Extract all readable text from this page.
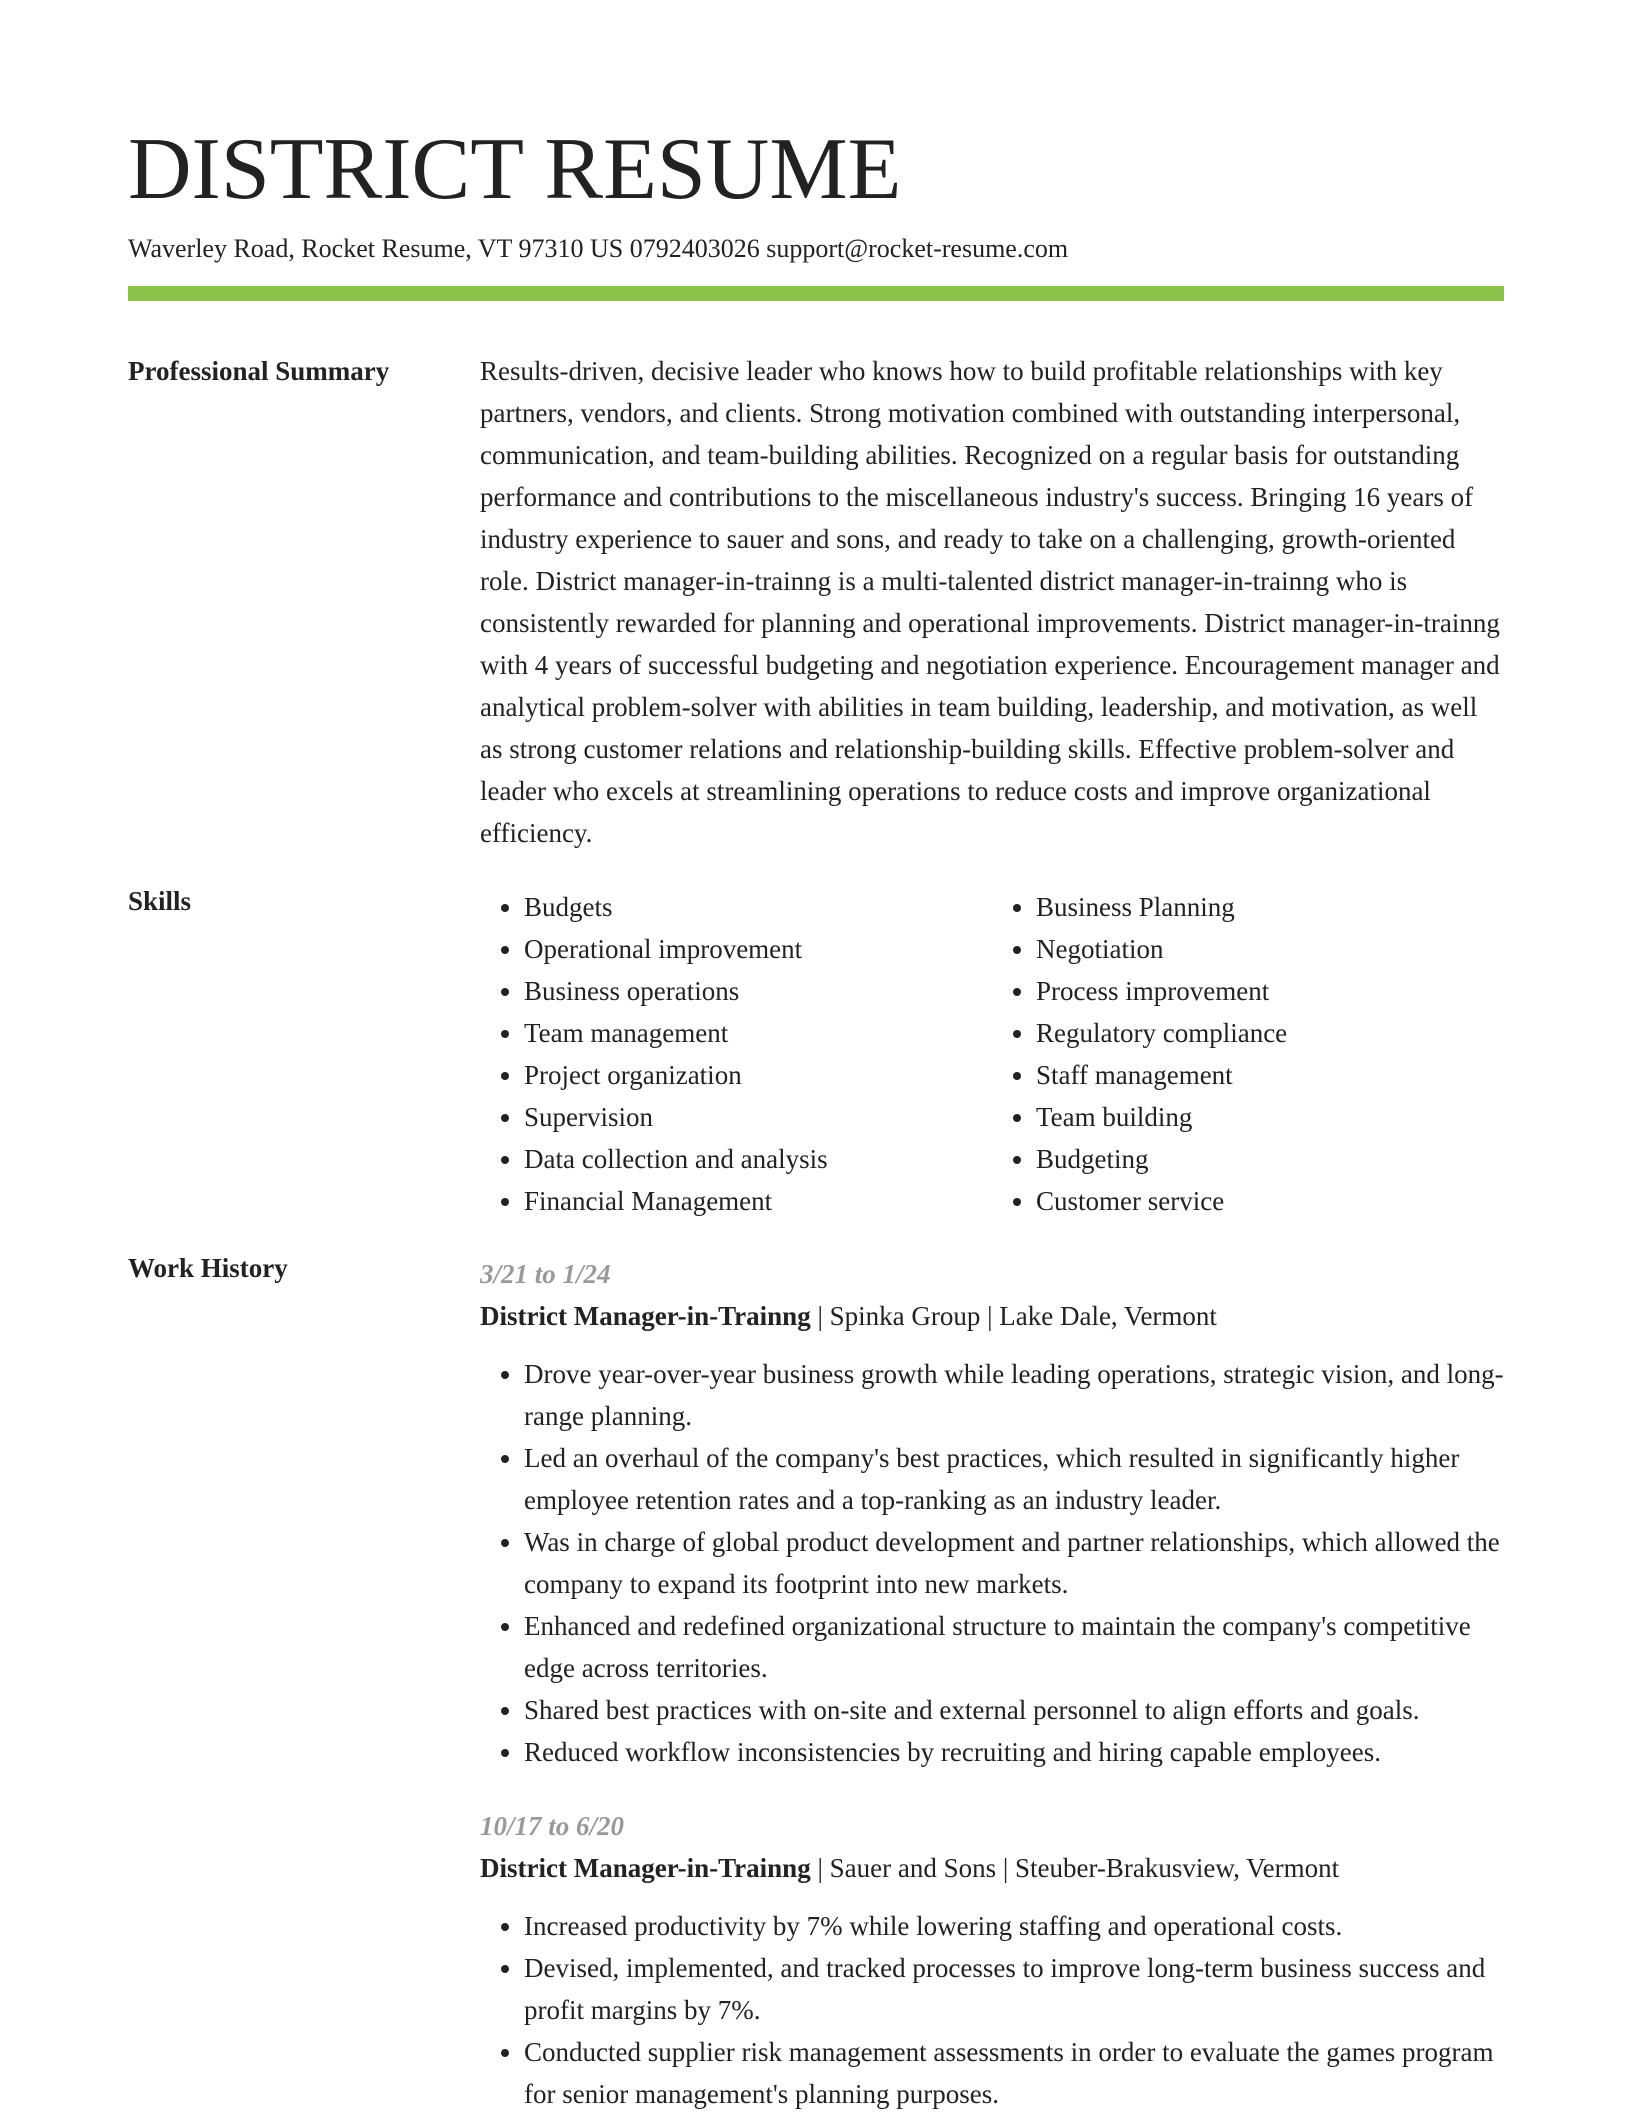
DISTRICT RESUME

Waverley Road, Rocket Resume, VT 97310 US 0792403026 support@rocket-resume.com

Professional Summary	Results-driven, decisive leader who knows how to build profitable relationships with key partners, vendors, and clients. Strong motivation combined with outstanding interpersonal, communication, and team-building abilities. Recognized on a regular basis for outstanding performance and contributions to the miscellaneous industry's success. Bringing 16 years of industry experience to sauer and sons, and ready to take on a challenging, growth-oriented role. District manager-in-trainng is a multi-talented district manager-in-trainng who is consistently rewarded for planning and operational improvements. District manager-in-trainng with 4 years of successful budgeting and negotiation experience. Encouragement manager and analytical problem-solver with abilities in team building, leadership, and motivation, as well as strong customer relations and relationship-building skills. Effective problem-solver and leader who excels at streamlining operations to reduce costs and improve organizational efficiency.

Skills
•	Budgets
• Operational improvement
• Business operations
• Team management
• Project organization
• Supervision
• Data collection and analysis
• Financial Management
• Business Planning
• Negotiation
• Process improvement
• Regulatory compliance
• Staff management
• Team building
• Budgeting
• Customer service
Work History	3/21 to 1/24

District Manager-in-Trainng | Spinka Group | Lake Dale, Vermont

• Drove year-over-year business growth while leading operations, strategic vision, and long-range planning.
• Led an overhaul of the company's best practices, which resulted in significantly higher employee retention rates and a top-ranking as an industry leader.
• Was in charge of global product development and partner relationships, which allowed the company to expand its footprint into new markets.
• Enhanced and redefined organizational structure to maintain the company's competitive edge across territories.
• Shared best practices with on-site and external personnel to align efforts and goals.
• Reduced workflow inconsistencies by recruiting and hiring capable employees.

10/17 to 6/20

District Manager-in-Trainng | Sauer and Sons | Steuber-Brakusview, Vermont

• Increased productivity by 7% while lowering staffing and operational costs.
• Devised, implemented, and tracked processes to improve long-term business success and profit margins by 7%.
• Conducted supplier risk management assessments in order to evaluate the games program for senior management's planning purposes.
